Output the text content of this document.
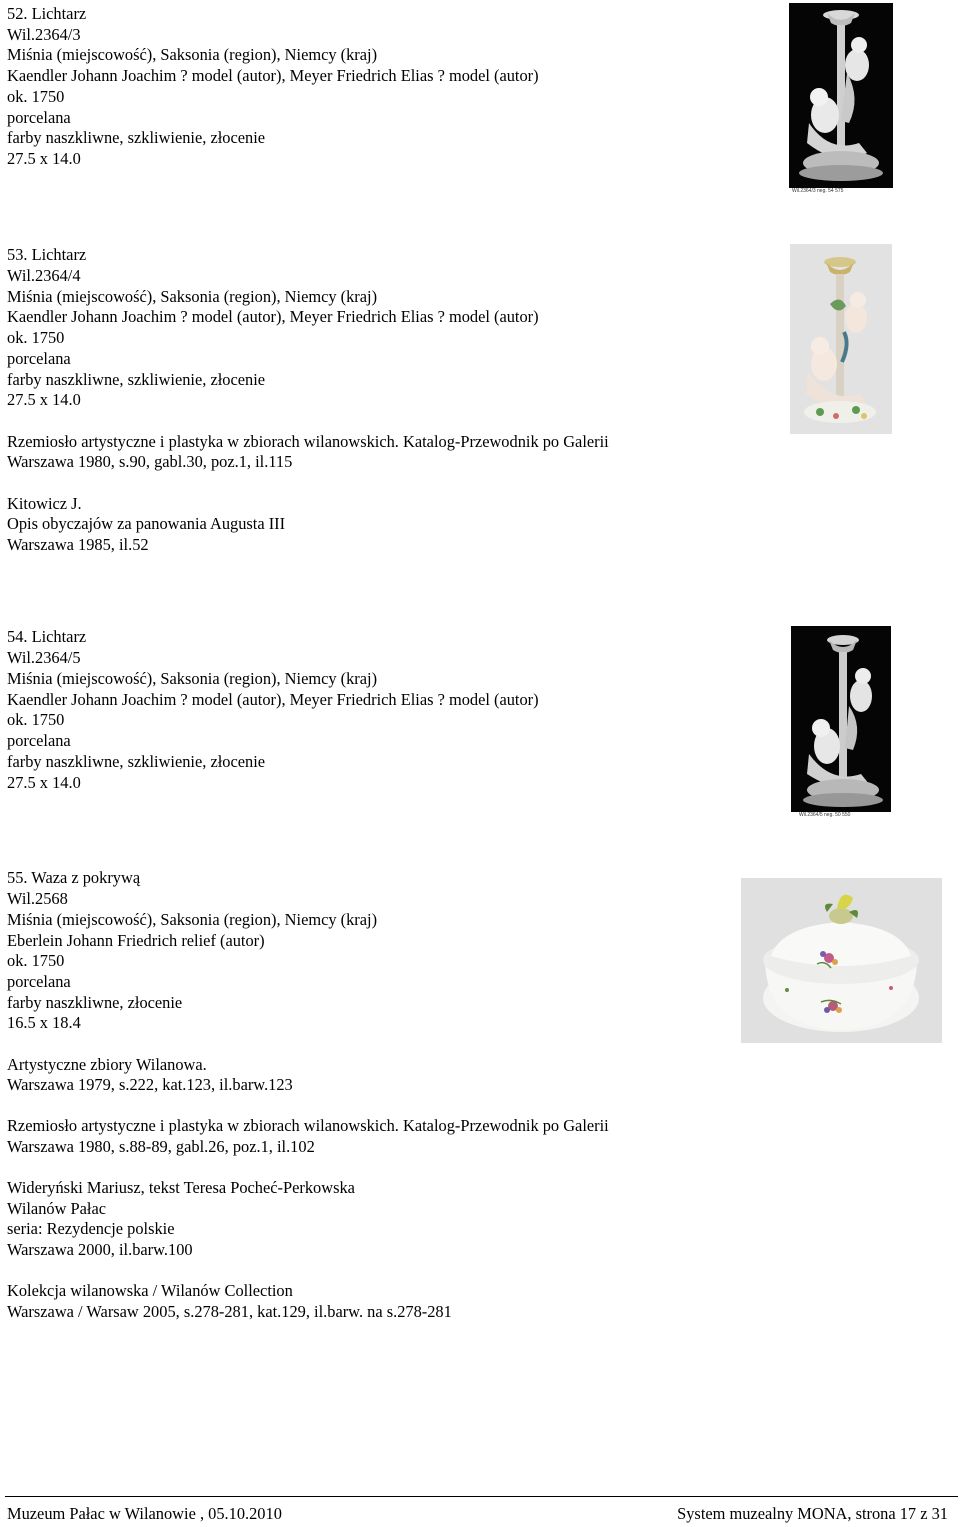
52. Lichtarz

Wil.2364/3

Miśnia (miejscowość), Saksonia (region), Niemcy (kraj)

Kaendler Johann Joachim ? model (autor), Meyer Friedrich Elias ? model (autor)

ok. 1750

porcelana

farby naszkliwne, szkliwienie, złocenie

27.5 x 14.0

Wil.2364/3 neg. 54 575

53. Lichtarz

Wil.2364/4

Miśnia (miejscowość), Saksonia (region), Niemcy (kraj)

Kaendler Johann Joachim ? model (autor), Meyer Friedrich Elias ? model (autor)

ok. 1750

porcelana

farby naszkliwne, szkliwienie, złocenie

27.5 x 14.0

Rzemiosło artystyczne i plastyka w zbiorach wilanowskich. Katalog-Przewodnik po Galerii

Warszawa 1980, s.90, gabl.30, poz.1, il.115

Kitowicz J.

Opis obyczajów za panowania Augusta III

Warszawa 1985, il.52

54. Lichtarz

Wil.2364/5

Miśnia (miejscowość), Saksonia (region), Niemcy (kraj)

Kaendler Johann Joachim ? model (autor), Meyer Friedrich Elias ? model (autor)

ok. 1750

porcelana

farby naszkliwne, szkliwienie, złocenie

27.5 x 14.0

Wil.2364/5 neg. 50 550

55. Waza z pokrywą

Wil.2568

Miśnia (miejscowość), Saksonia (region), Niemcy (kraj)

Eberlein Johann Friedrich relief (autor)

ok. 1750

porcelana

farby naszkliwne, złocenie

16.5 x 18.4

Artystyczne zbiory Wilanowa.

Warszawa 1979, s.222, kat.123, il.barw.123

Rzemiosło artystyczne i plastyka w zbiorach wilanowskich. Katalog-Przewodnik po Galerii

Warszawa 1980, s.88-89, gabl.26, poz.1, il.102

Wideryński Mariusz, tekst Teresa Pocheć-Perkowska

Wilanów Pałac

seria: Rezydencje polskie

Warszawa 2000, il.barw.100

Kolekcja wilanowska / Wilanów Collection

Warszawa / Warsaw 2005, s.278-281, kat.129, il.barw. na s.278-281

Muzeum Pałac w Wilanowie , 05.10.2010	System muzealny MONA, strona 17 z 31
